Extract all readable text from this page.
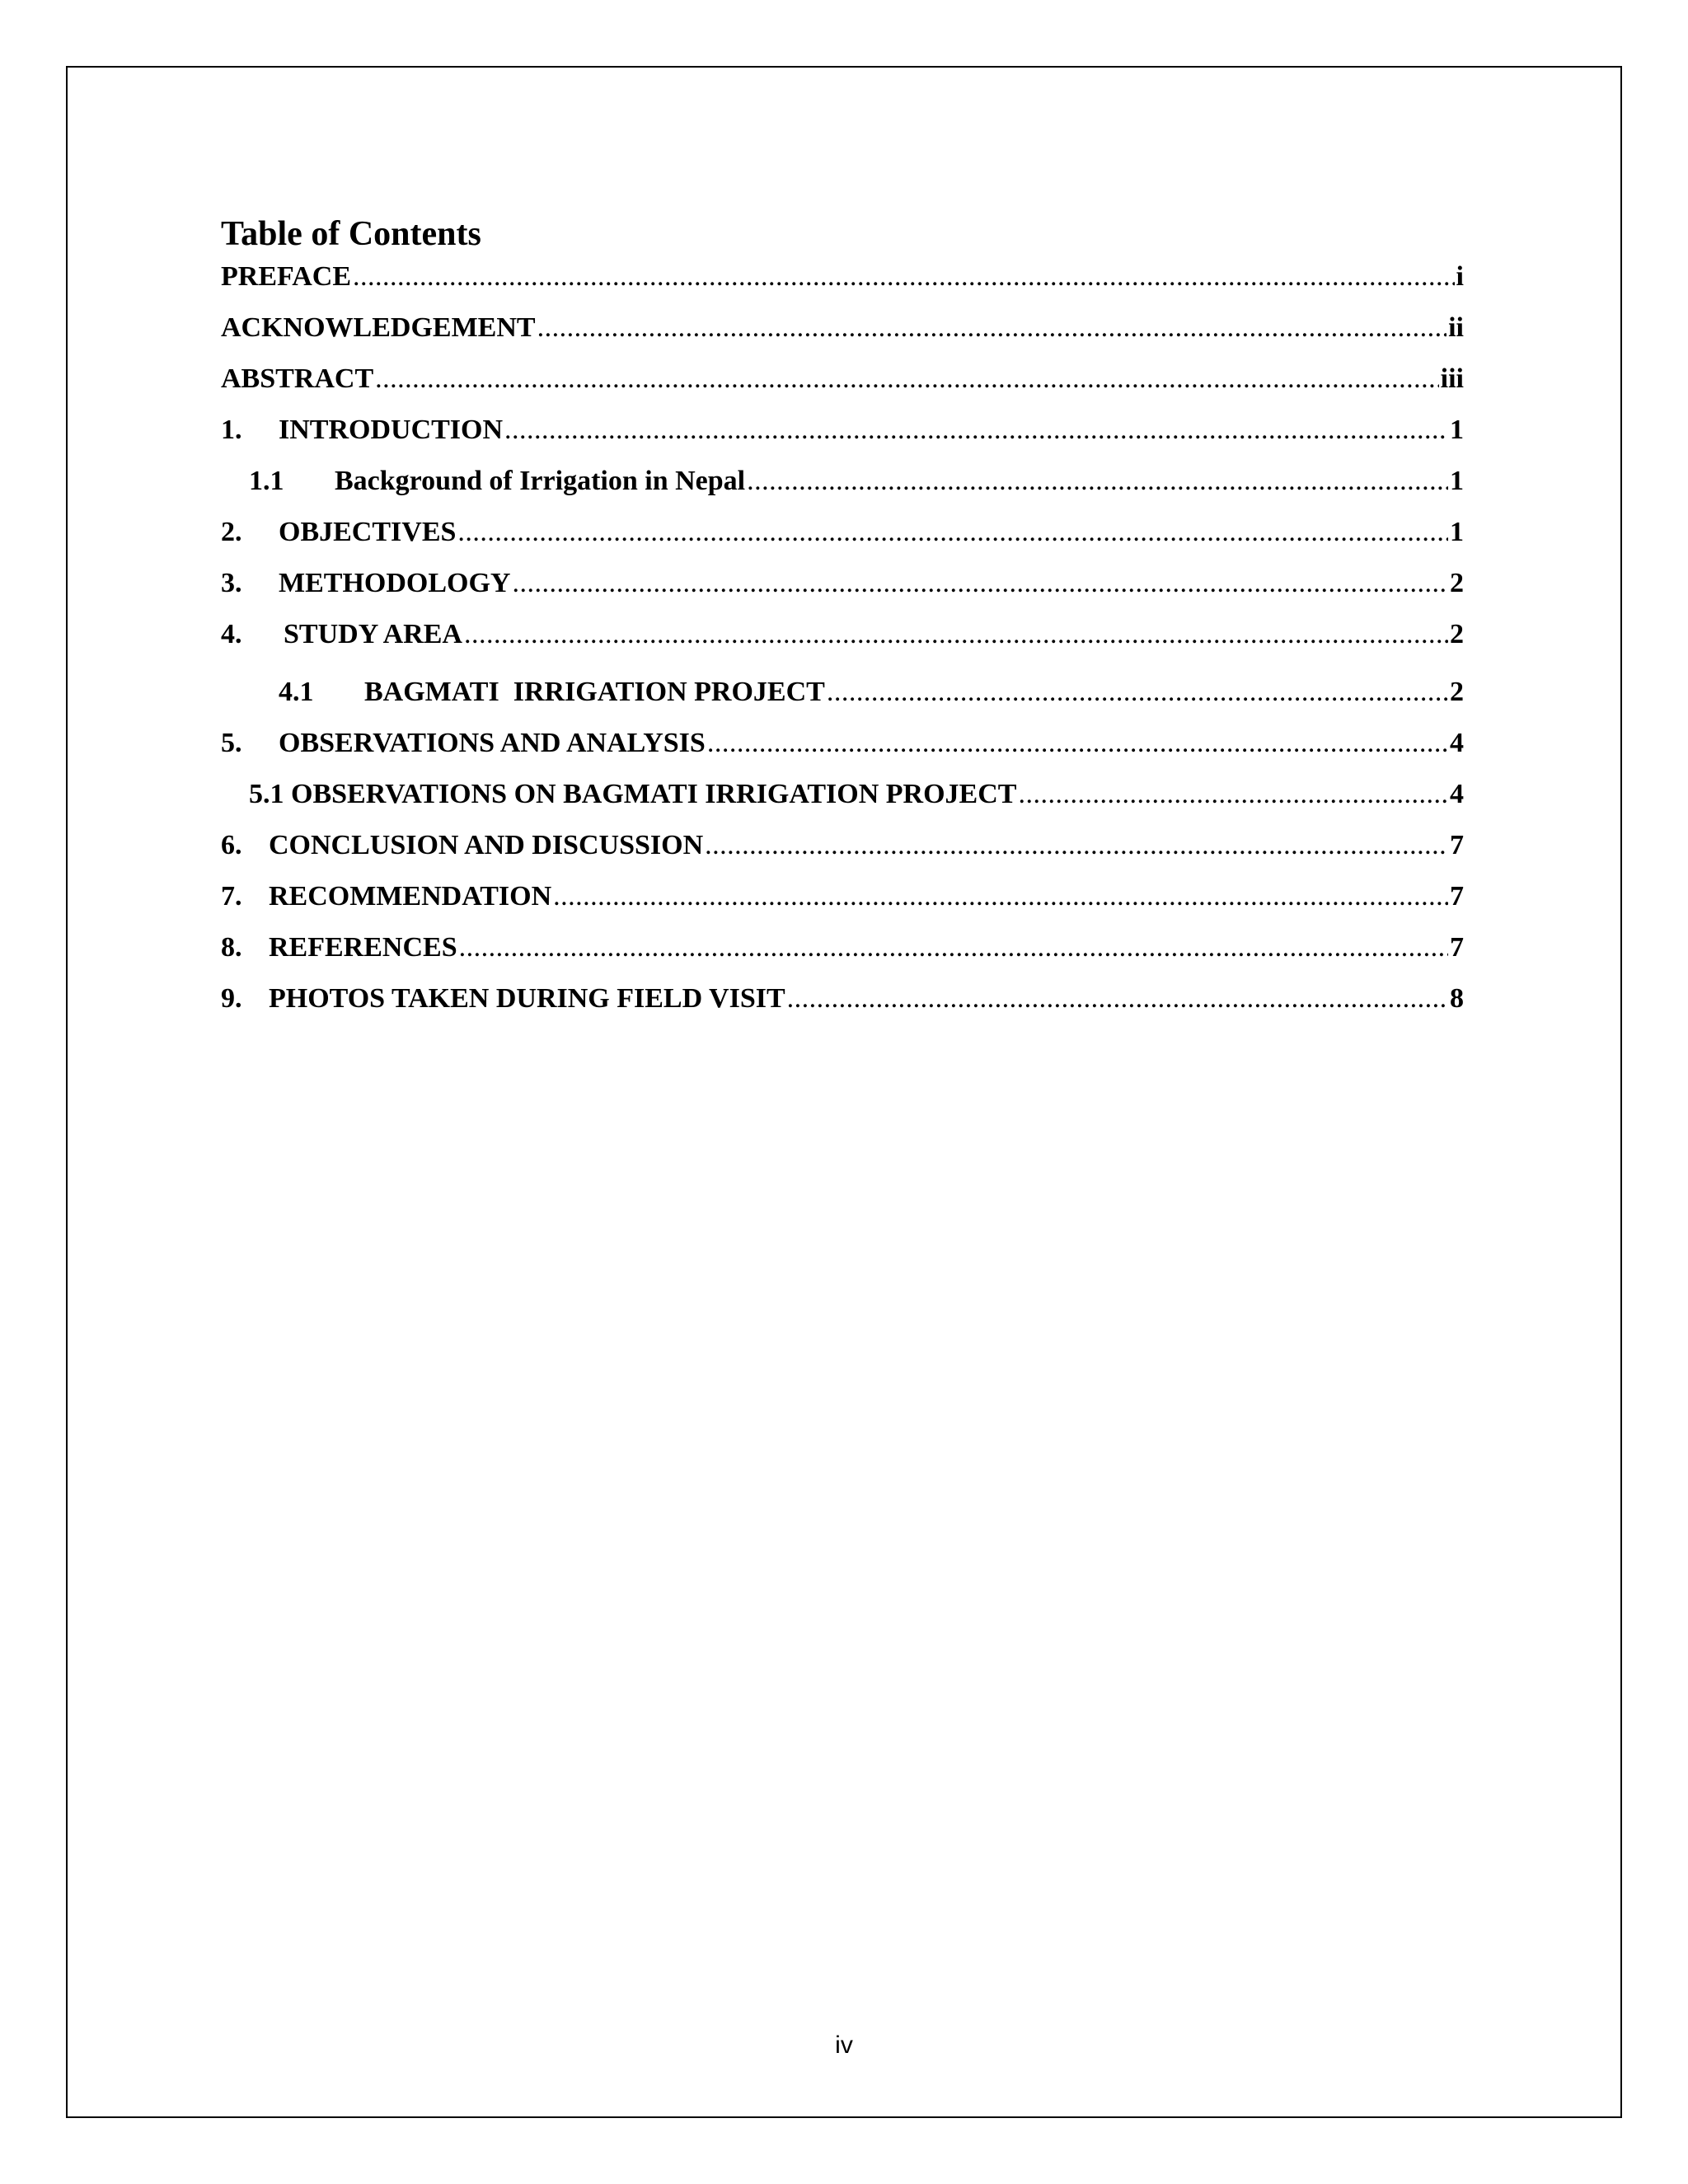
Table of Contents
PREFACE .....	i
ACKNOWLEDGEMENT .....	ii
ABSTRACT .....	iii
1.	INTRODUCTION .....	1
1.1	Background of Irrigation in Nepal .....	1
2.	OBJECTIVES .....	1
3.	METHODOLOGY .....	2
4.	STUDY AREA .....	2
4.1	BAGMATI  IRRIGATION PROJECT .....	2
5.	OBSERVATIONS AND ANALYSIS .....	4
5.1 OBSERVATIONS ON BAGMATI IRRIGATION PROJECT .....	4
6. CONCLUSION AND DISCUSSION .....	7
7. RECOMMENDATION .....	7
8. REFERENCES .....	7
9. PHOTOS TAKEN DURING FIELD VISIT .....	8
iv
